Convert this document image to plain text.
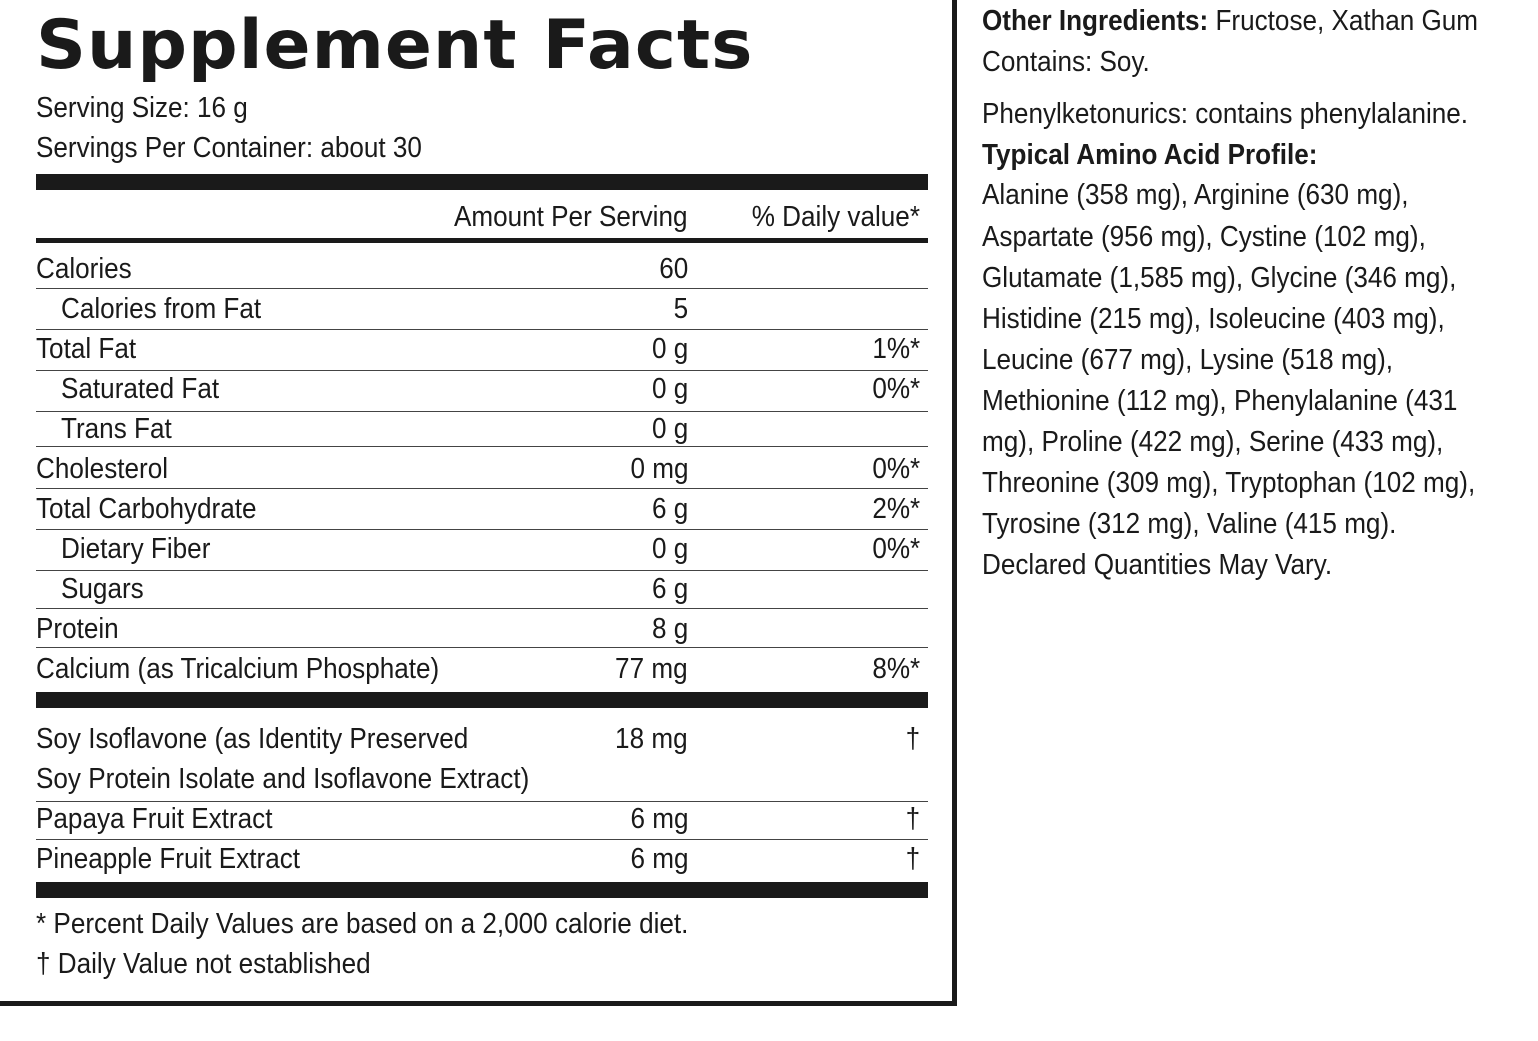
Supplement Facts
Serving Size: 16 g
Servings Per Container: about 30
Amount Per Serving % Daily value*
Calories	60
Calories from Fat	5
Total Fat	0 g	1%*
Saturated Fat	0 g	0%*
Trans Fat	0 g
Cholesterol	0 mg	0%*
Total Carbohydrate	6 g	2%*
Dietary Fiber	0 g	0%*
Sugars	6 g
Protein	8 g
Calcium (as Tricalcium Phosphate)	77 mg	8%*
Soy Isoflavone (as Identity Preserved
Soy Protein Isolate and Isoflavone Extract)
18 mg	†
Papaya Fruit Extract	6 mg	†
Pineapple Fruit Extract	6 mg	†
* Percent Daily Values are based on a 2,000 calorie diet.
† Daily Value not established
Other Ingredients: Fructose, Xathan Gum
Contains: Soy.
Phenylketonurics: contains phenylalanine.
Typical Amino Acid Profile:
Alanine (358 mg), Arginine (630 mg),
Aspartate (956 mg), Cystine (102 mg),
Glutamate (1,585 mg), Glycine (346 mg),
Histidine (215 mg), Isoleucine (403 mg),
Leucine (677 mg), Lysine (518 mg),
Methionine (112 mg), Phenylalanine (431
mg), Proline (422 mg), Serine (433 mg),
Threonine (309 mg), Tryptophan (102 mg),
Tyrosine (312 mg), Valine (415 mg).
Declared Quantities May Vary.
